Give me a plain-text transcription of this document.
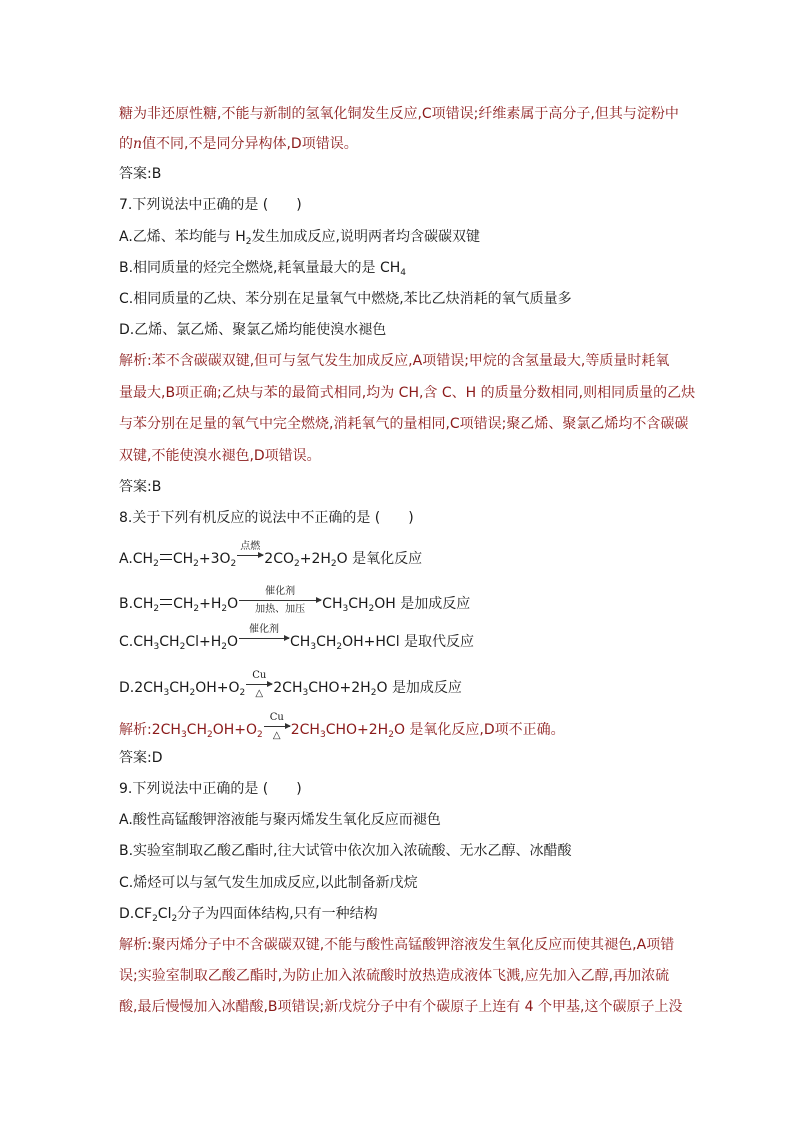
糖为非还原性糖,不能与新制的氢氧化铜发生反应,C项错误;纤维素属于高分子,但其与淀粉中
的n值不同,不是同分异构体,D项错误。
答案:B
7.下列说法中正确的是 (　　)
A.乙烯、苯均能与 $H_2$发生加成反应,说明两者均含碳碳双键
B.相同质量的烃完全燃烧,耗氧量最大的是 $CH_4$
C.相同质量的乙炔、苯分别在足量氧气中燃烧,苯比乙炔消耗的氧气质量多
D.乙烯、氯乙烯、聚氯乙烯均能使溴水褪色
解析:苯不含碳碳双键,但可与氢气发生加成反应,A项错误;甲烷的含氢量最大,等质量时耗氧
量最大,B项正确;乙炔与苯的最简式相同,均为 CH,含 C、H 的质量分数相同,则相同质量的乙炔
与苯分别在足量的氧气中完全燃烧,消耗氧气的量相同,C项错误;聚乙烯、聚氯乙烯均不含碳碳
双键,不能使溴水褪色,D项错误。
答案:B
8.关于下列有机反应的说法中不正确的是 (　　)
$A.CH_2$ $CH_2+3O_2$
点燃
$2CO_2+2H_2O$ 是氧化反应
$B.CH_2$ $CH_2+H_2O$
催化剂
加热、加压	$CH_3CH_2OH$ 是加成反应
$C.CH_3CH_2Cl+H_2O$
催化剂
$CH_3CH_2OH+HCl$ 是取代反应
$D.2CH_3CH_2OH+O_2$
Cu
△ $2CH_3CHO+2H_2O$ 是加成反应
解析$:2CH_3CH_2OH+O_2$
Cu
△ $2CH_3CHO+2H_2O$ 是氧化反应,D项不正确。
答案:D
9.下列说法中正确的是 (　　)
A.酸性高锰酸钾溶液能与聚丙烯发生氧化反应而褪色
B.实验室制取乙酸乙酯时,往大试管中依次加入浓硫酸、无水乙醇、冰醋酸
C.烯烃可以与氢气发生加成反应,以此制备新戊烷
$D.CF_2Cl_2$分子为四面体结构,只有一种结构
解析:聚丙烯分子中不含碳碳双键,不能与酸性高锰酸钾溶液发生氧化反应而使其褪色,A项错
误;实验室制取乙酸乙酯时,为防止加入浓硫酸时放热造成液体飞溅,应先加入乙醇,再加浓硫
酸,最后慢慢加入冰醋酸,B项错误;新戊烷分子中有个碳原子上连有 4 个甲基,这个碳原子上没
